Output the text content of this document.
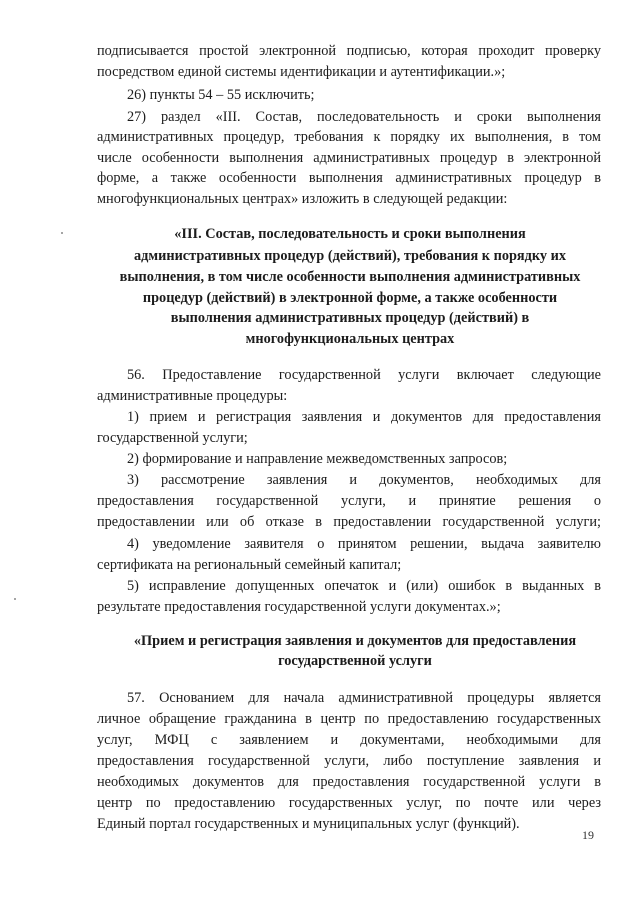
подписывается простой электронной подписью, которая проходит проверку
посредством единой системы идентификации и аутентификации.»;
26) пункты 54 – 55 исключить;
27) раздел «III. Состав, последовательность и сроки выполнения
административных процедур, требования к порядку их выполнения, в том
числе особенности выполнения административных процедур в электронной
форме, а также особенности выполнения административных процедур в
многофункциональных центрах» изложить в следующей редакции:
«III. Состав, последовательность и сроки выполнения
административных процедур (действий), требования к порядку их
выполнения, в том числе особенности выполнения административных
процедур (действий) в электронной форме, а также особенности
выполнения административных процедур (действий) в
многофункциональных центрах
56. Предоставление государственной услуги включает следующие
административные процедуры:
1) прием и регистрация заявления и документов для предоставления
государственной услуги;
2) формирование и направление межведомственных запросов;
3) рассмотрение заявления и документов, необходимых для
предоставления государственной услуги, и принятие решения о
предоставлении или об отказе в предоставлении государственной услуги;
4) уведомление заявителя о принятом решении, выдача заявителю
сертификата на региональный семейный капитал;
5) исправление допущенных опечаток и (или) ошибок в выданных в
результате предоставления государственной услуги документах.»;
«Прием и регистрация заявления и документов для предоставления
государственной услуги
57. Основанием для начала административной процедуры является
личное обращение гражданина в центр по предоставлению государственных
услуг, МФЦ с заявлением и документами, необходимыми для
предоставления государственной услуги, либо поступление заявления и
необходимых документов для предоставления государственной услуги в
центр по предоставлению государственных услуг, по почте или через
Единый портал государственных и муниципальных услуг (функций).
19
